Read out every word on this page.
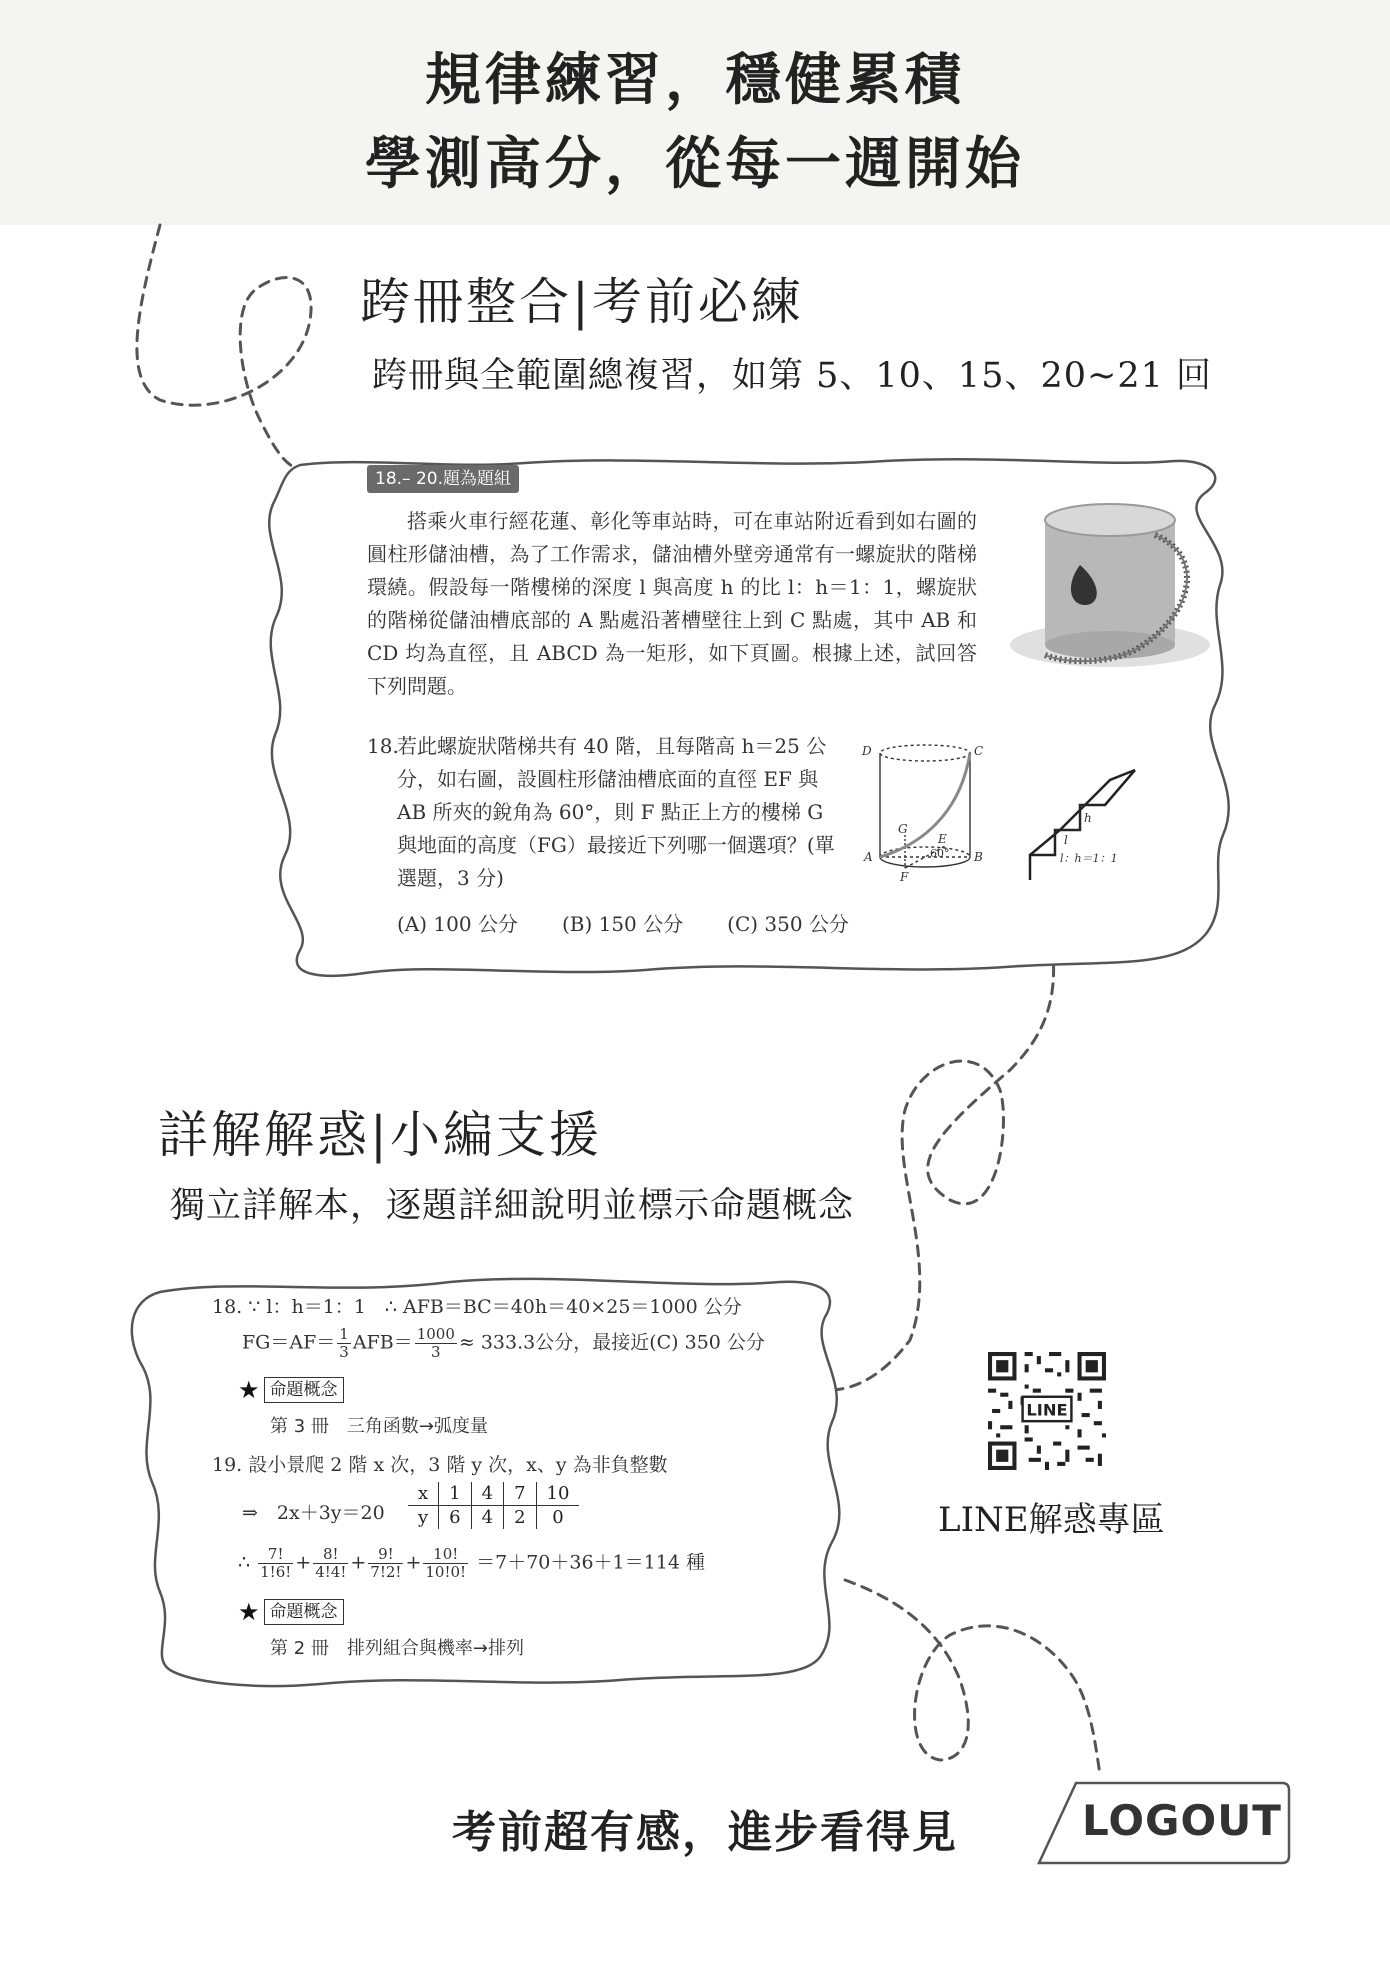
規律練習，穩健累積
學測高分，從每一週開始
跨冊整合|考前必練
跨冊與全範圍總複習，如第 5、10、15、20~21 回
18.– 20.題為題組
搭乘火車行經花蓮、彰化等車站時，可在車站附近看到如右圖的圓柱形儲油槽，為了工作需求，儲油槽外壁旁通常有一螺旋狀的階梯環繞。假設每一階樓梯的深度 l 與高度 h 的比 l：h＝1：1，螺旋狀的階梯從儲油槽底部的 A 點處沿著槽壁往上到 C 點處，其中 AB 和 CD 均為直徑，且 ABCD 為一矩形，如下頁圖。根據上述，試回答下列問題。
18.
若此螺旋狀階梯共有 40 階，且每階高 h＝25 公分，如右圖，設圓柱形儲油槽底面的直徑 EF 與 AB 所夾的銳角為 60°，則 F 點正上方的樓梯 G 與地面的高度（FG）最接近下列哪一個選項？(單選題，3 分)
(A) 100 公分 (B) 150 公分 (C) 350 公分
D	C
A	B
G
E
F
60°
h
l
l：h＝1：1
詳解解惑|小編支援
獨立詳解本，逐題詳細說明並標示命題概念
18. ∵ l：h＝1：1　∴ AFB＝BC＝40h＝40×25＝1000 公分
$FG=AF= \frac{1}{3} AFB= \frac{1000}{3} \approx 333.3$公分，最接近(C) 350 公分
★ 命題概念
第 3 冊　三角函數→弧度量
19. 設小景爬 2 階 x 次，3 階 y 次，x、y 為非負整數
⇒　2x＋3y＝20
x	1	4	7	10
y	6	4	2	0
∴ $\frac{7!}{1!6!} + \frac{8!}{4!4!} + \frac{9!}{7!2!} + \frac{10!}{10!0!} =7+70+36+1=114$ 種
★ 命題概念
第 2 冊　排列組合與機率→排列
LINE
LINE解惑專區
考前超有感，進步看得見	LOGOUT
